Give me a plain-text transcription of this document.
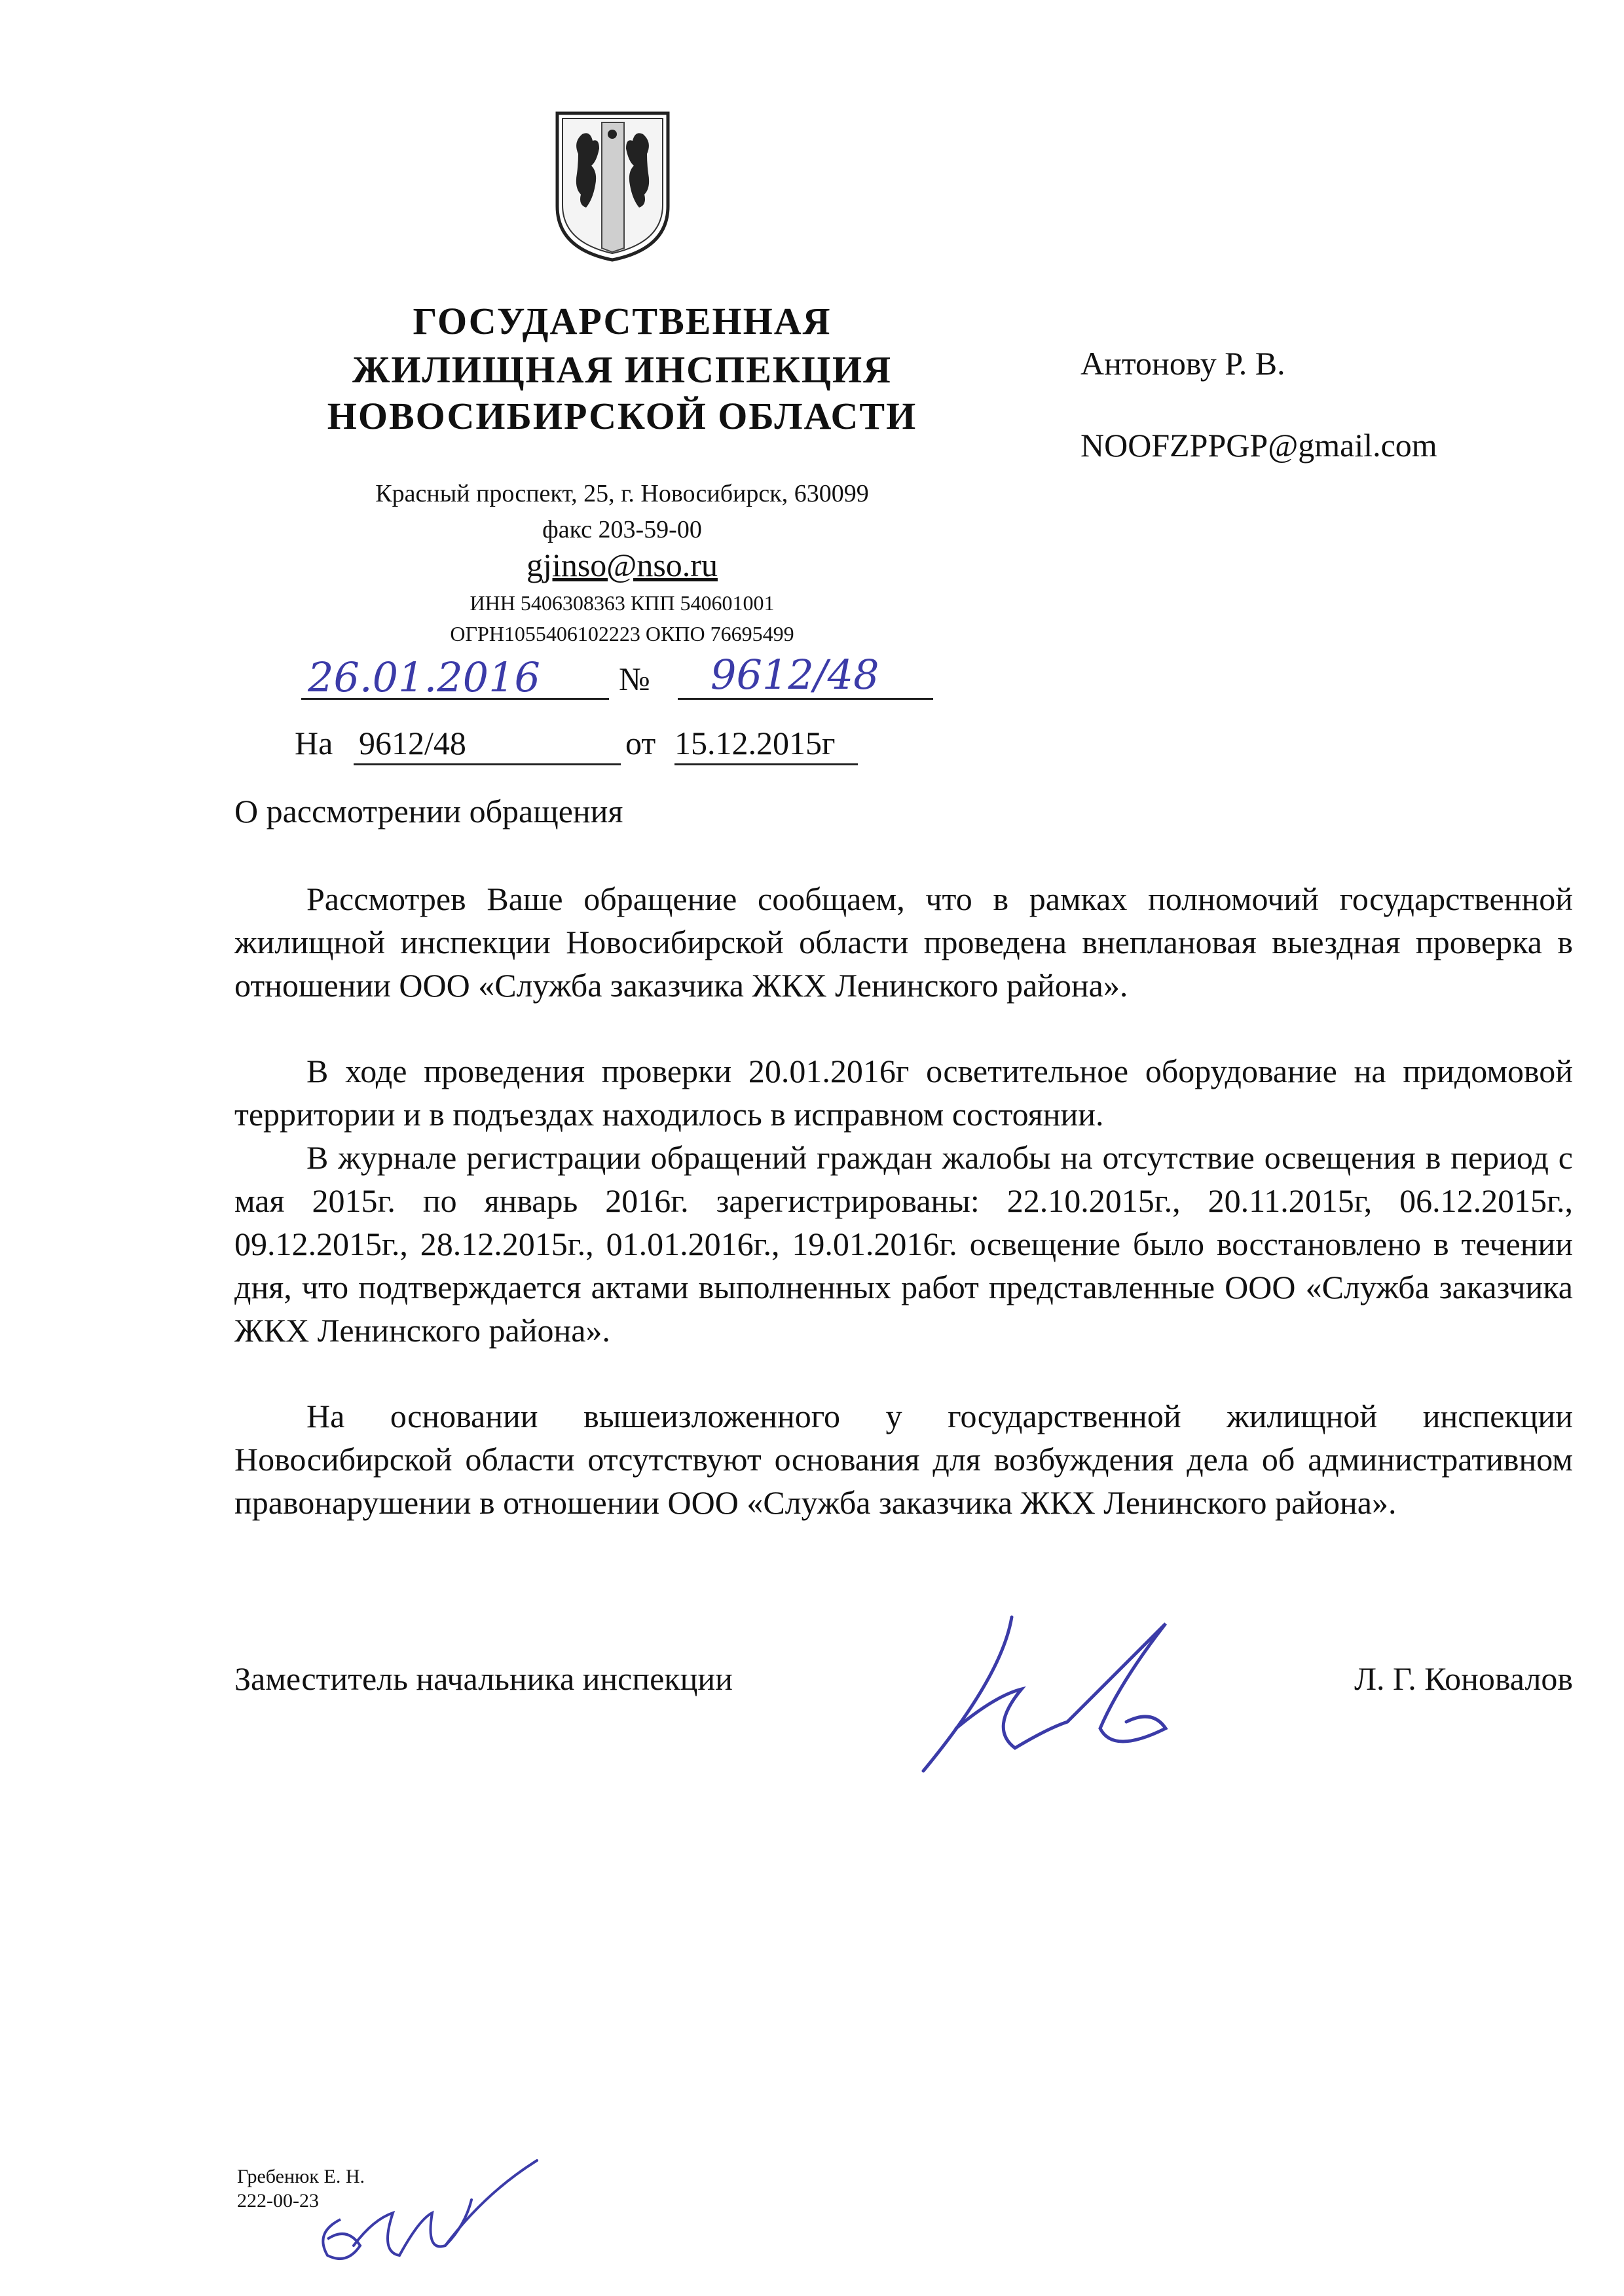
ГОСУДАРСТВЕННАЯ
ЖИЛИЩНАЯ ИНСПЕКЦИЯ
НОВОСИБИРСКОЙ ОБЛАСТИ
Красный проспект, 25, г. Новосибирск, 630099
факс 203-59-00
gjinso@nso.ru
ИНН 5406308363 КПП 540601001
ОГРН1055406102223 ОКПО 76695499
Антонову Р. В.
NOOFZPPGP@gmail.com
26.01.2016 № 9612/48
На 9612/48	от 15.12.2015г
О рассмотрении обращения
Рассмотрев Ваше обращение сообщаем, что в рамках полномочий государственной жилищной инспекции Новосибирской области проведена внеплановая выездная проверка в отношении ООО «Служба заказчика ЖКХ Ленинского района».
В ходе проведения проверки 20.01.2016г осветительное оборудование на придомовой территории и в подъездах находилось в исправном состоянии.
В журнале регистрации обращений граждан жалобы на отсутствие освещения в период с мая 2015г. по январь 2016г. зарегистрированы: 22.10.2015г., 20.11.2015г, 06.12.2015г., 09.12.2015г., 28.12.2015г., 01.01.2016г., 19.01.2016г. освещение было восстановлено в течении дня, что подтверждается актами выполненных работ представленные ООО «Служба заказчика ЖКХ Ленинского района».
На основании вышеизложенного у государственной жилищной инспекции Новосибирской области отсутствуют основания для возбуждения дела об административном правонарушении в отношении ООО «Служба заказчика ЖКХ Ленинского района».
Заместитель начальника инспекции	Л. Г. Коновалов
Гребенюк Е. Н.
222-00-23
